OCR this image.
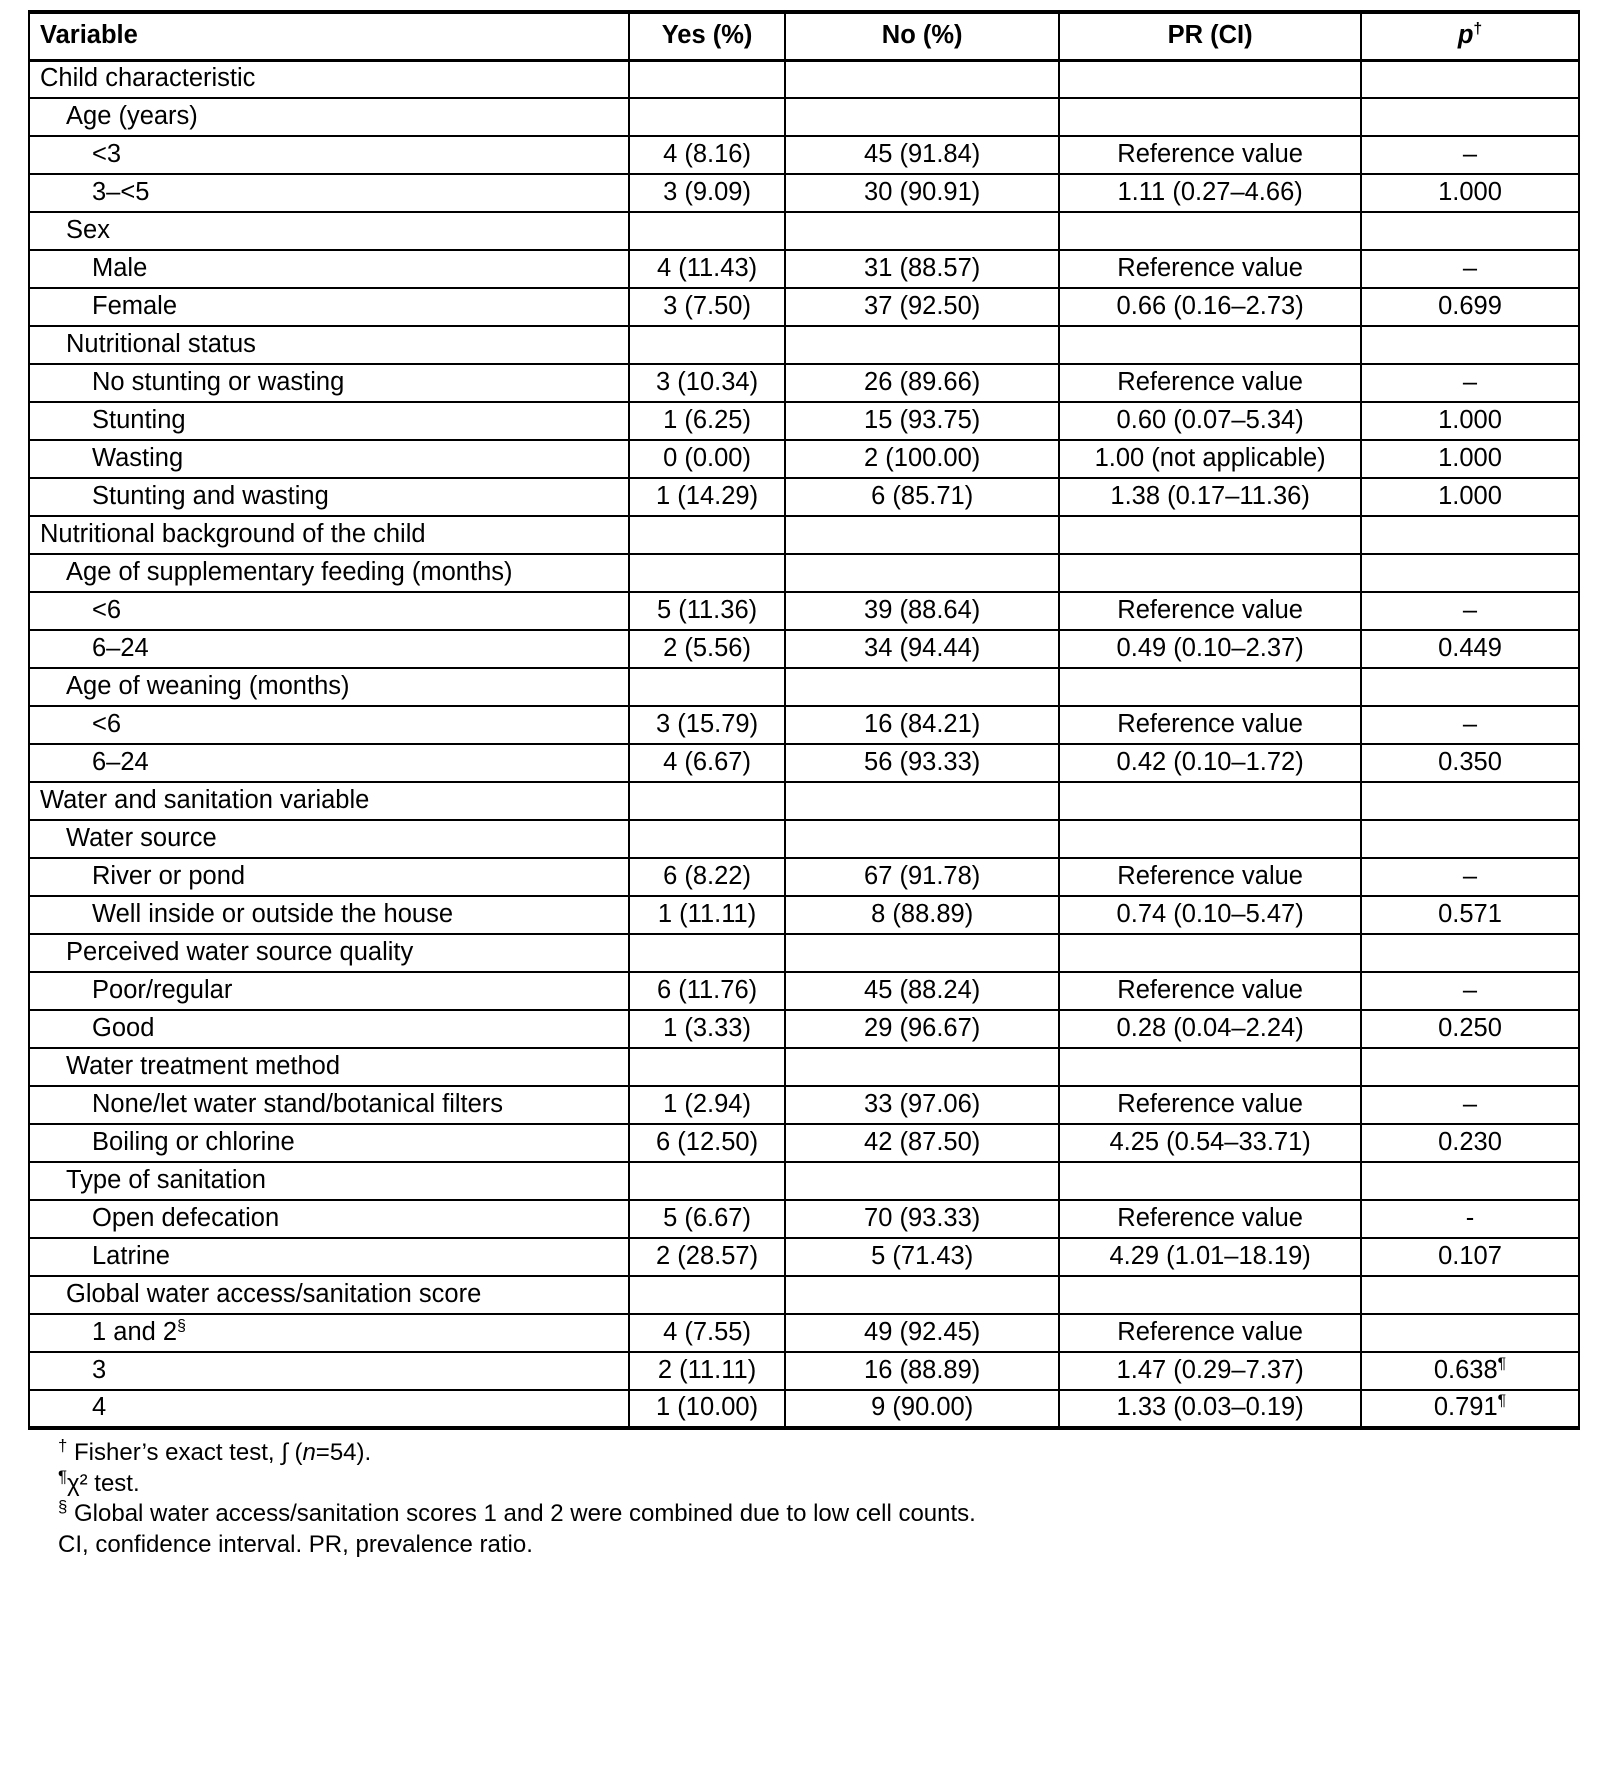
Variable	Yes (%)	No (%)	PR (CI)	p†

Child characteristic				

Age (years)				

<3	4 (8.16)	45 (91.84)	Reference value	–

3–<5	3 (9.09)	30 (90.91)	1.11 (0.27–4.66)	1.000

Sex				

Male	4 (11.43)	31 (88.57)	Reference value	–

Female	3 (7.50)	37 (92.50)	0.66 (0.16–2.73)	0.699

Nutritional status				

No stunting or wasting	3 (10.34)	26 (89.66)	Reference value	–

Stunting	1 (6.25)	15 (93.75)	0.60 (0.07–5.34)	1.000

Wasting	0 (0.00)	2 (100.00)	1.00 (not applicable)	1.000

Stunting and wasting	1 (14.29)	6 (85.71)	1.38 (0.17–11.36)	1.000

Nutritional background of the child				

Age of supplementary feeding (months)				

<6	5 (11.36)	39 (88.64)	Reference value	–

6–24	2 (5.56)	34 (94.44)	0.49 (0.10–2.37)	0.449

Age of weaning (months)				

<6	3 (15.79)	16 (84.21)	Reference value	–

6–24	4 (6.67)	56 (93.33)	0.42 (0.10–1.72)	0.350

Water and sanitation variable				

Water source				

River or pond	6 (8.22)	67 (91.78)	Reference value	–

Well inside or outside the house	1 (11.11)	8 (88.89)	0.74 (0.10–5.47)	0.571

Perceived water source quality				

Poor/regular	6 (11.76)	45 (88.24)	Reference value	–

Good	1 (3.33)	29 (96.67)	0.28 (0.04–2.24)	0.250

Water treatment method				

None/let water stand/botanical filters	1 (2.94)	33 (97.06)	Reference value	–

Boiling or chlorine	6 (12.50)	42 (87.50)	4.25 (0.54–33.71)	0.230

Type of sanitation				

Open defecation	5 (6.67)	70 (93.33)	Reference value	-

Latrine	2 (28.57)	5 (71.43)	4.29 (1.01–18.19)	0.107

Global water access/sanitation score				

1 and 2§	4 (7.55)	49 (92.45)	Reference value	

3	2 (11.11)	16 (88.89)	1.47 (0.29–7.37)	0.638¶

4	1 (10.00)	9 (90.00)	1.33 (0.03–0.19)	0.791¶
† Fisher’s exact test, ∫ (n=54).
¶χ² test.
§ Global water access/sanitation scores 1 and 2 were combined due to low cell counts.
CI, confidence interval. PR, prevalence ratio.
